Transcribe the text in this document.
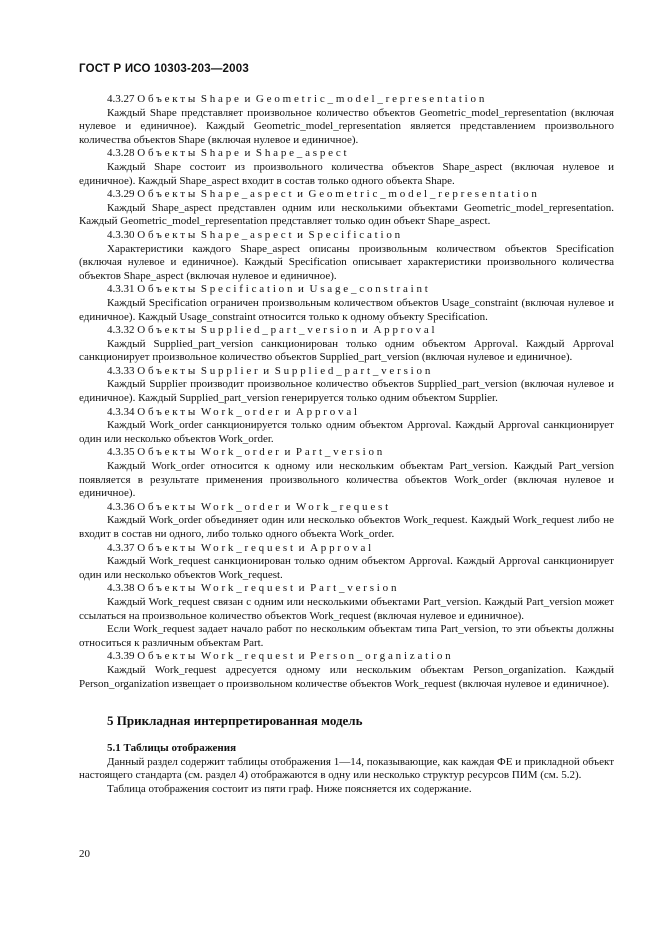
ГОСТ Р ИСО 10303-203—2003
4.3.27 Объекты Shape и Geometric_model_representation

Каждый Shape представляет произвольное количество объектов Geometric_model_representation (включая нулевое и единичное). Каждый Geometric_model_representation является представлением произвольного количества объектов Shape (включая нулевое и единичное).

4.3.28 Объекты Shape и Shape_aspect

Каждый Shape состоит из произвольного количества объектов Shape_aspect (включая нулевое и единичное). Каждый Shape_aspect входит в состав только одного объекта Shape.

4.3.29 Объекты Shape_aspect и Geometric_model_representation

Каждый Shape_aspect представлен одним или несколькими объектами Geometric_model_representation. Каждый Geometric_model_representation представляет только один объект Shape_aspect.

4.3.30 Объекты Shape_aspect и Specification

Характеристики каждого Shape_aspect описаны произвольным количеством объектов Specification (включая нулевое и единичное). Каждый Specification описывает характеристики произвольного количества объектов Shape_aspect (включая нулевое и единичное).

4.3.31 Объекты Specification и Usage_constraint

Каждый Specification ограничен произвольным количеством объектов Usage_constraint (включая нулевое и единичное). Каждый Usage_constraint относится только к одному объекту Specification.

4.3.32 Объекты Supplied_part_version и Approval

Каждый Supplied_part_version санкционирован только одним объектом Approval. Каждый Approval санкционирует произвольное количество объектов Supplied_part_version (включая нулевое и единичное).

4.3.33 Объекты Supplier и Supplied_part_version

Каждый Supplier производит произвольное количество объектов Supplied_part_version (включая нулевое и единичное). Каждый Supplied_part_version генерируется только одним объектом Supplier.

4.3.34 Объекты Work_order и Approval

Каждый Work_order санкционируется только одним объектом Approval. Каждый Approval санкционирует один или несколько объектов Work_order.

4.3.35 Объекты Work_order и Part_version

Каждый Work_order относится к одному или нескольким объектам Part_version. Каждый Part_version появляется в результате применения произвольного количества объектов Work_order (включая нулевое и единичное).

4.3.36 Объекты Work_order и Work_request

Каждый Work_order объединяет один или несколько объектов Work_request. Каждый Work_request либо не входит в состав ни одного, либо только одного объекта Work_order.

4.3.37 Объекты Work_request и Approval

Каждый Work_request санкционирован только одним объектом Approval. Каждый Approval санкционирует один или несколько объектов Work_request.

4.3.38 Объекты Work_request и Part_version

Каждый Work_request связан с одним или несколькими объектами Part_version. Каждый Part_version может ссылаться на произвольное количество объектов Work_request (включая нулевое и единичное).

Если Work_request задает начало работ по нескольким объектам типа Part_version, то эти объекты должны относиться к различным объектам Part.

4.3.39 Объекты Work_request и Person_organization

Каждый Work_request адресуется одному или нескольким объектам Person_organization. Каждый Person_organization извещает о произвольном количестве объектов Work_request (включая нулевое и единичное).

5 Прикладная интерпретированная модель
5.1 Таблицы отображения

Данный раздел содержит таблицы отображения 1—14, показывающие, как каждая ФЕ и прикладной объект настоящего стандарта (см. раздел 4) отображаются в одну или несколько структур ресурсов ПИМ (см. 5.2).

Таблица отображения состоит из пяти граф. Ниже поясняется их содержание.

20
